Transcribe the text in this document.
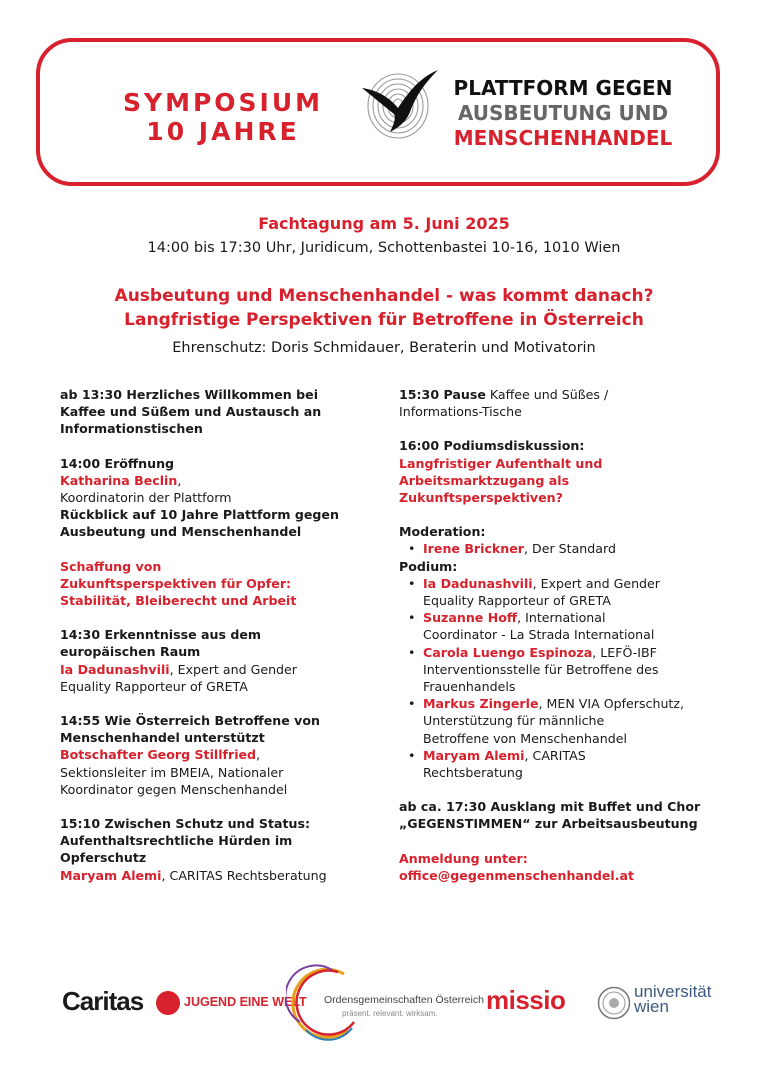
SYMPOSIUM
10 JAHRE
PLATTFORM GEGEN
AUSBEUTUNG UND
MENSCHENHANDEL
Fachtagung am 5. Juni 2025
14:00 bis 17:30 Uhr, Juridicum, Schottenbastei 10-16, 1010 Wien
Ausbeutung und Menschenhandel - was kommt danach?
Langfristige Perspektiven für Betroffene in Österreich
Ehrenschutz: Doris Schmidauer, Beraterin und Motivatorin

ab 13:30 Herzliches Willkommen bei

Kaffee und Süßem und Austausch an

Informationstischen

14:00 Eröffnung

Katharina Beclin,

Koordinatorin der Plattform

Rückblick auf 10 Jahre Plattform gegen

Ausbeutung und Menschenhandel

Schaffung von

Zukunftsperspektiven für Opfer:

Stabilität, Bleiberecht und Arbeit

14:30 Erkenntnisse aus dem

europäischen Raum

Ia Dadunashvili, Expert and Gender

Equality Rapporteur of GRETA

14:55 Wie Österreich Betroffene von

Menschenhandel unterstützt

Botschafter Georg Stillfried,

Sektionsleiter im BMEIA, Nationaler

Koordinator gegen Menschenhandel

15:10 Zwischen Schutz und Status:

Aufenthaltsrechtliche Hürden im

Opferschutz

Maryam Alemi, CARITAS Rechtsberatung

15:30 Pause Kaffee und Süßes /

Informations-Tische

16:00 Podiumsdiskussion:

Langfristiger Aufenthalt und

Arbeitsmarktzugang als

Zukunftsperspektiven?

Moderation:

• Irene Brickner, Der Standard

Podium:

• Ia Dadunashvili, Expert and Gender
Equality Rapporteur of GRETA
• Suzanne Hoff, International
Coordinator - La Strada International
• Carola Luengo Espinoza, LEFÖ-IBF
Interventionsstelle für Betroffene des
Frauenhandels
• Markus Zingerle, MEN VIA Opferschutz,
Unterstützung für männliche
Betroffene von Menschenhandel
• Maryam Alemi, CARITAS
Rechtsberatung

ab ca. 17:30 Ausklang mit Buffet und Chor

„GEGENSTIMMEN“ zur Arbeitsausbeutung

Anmeldung unter:

office@gegenmenschenhandel.at

Caritas	JUGEND EINE WELT Ordensgemeinschaften Österreich
präsent. relevant. wirksam. missio	universität
wien
